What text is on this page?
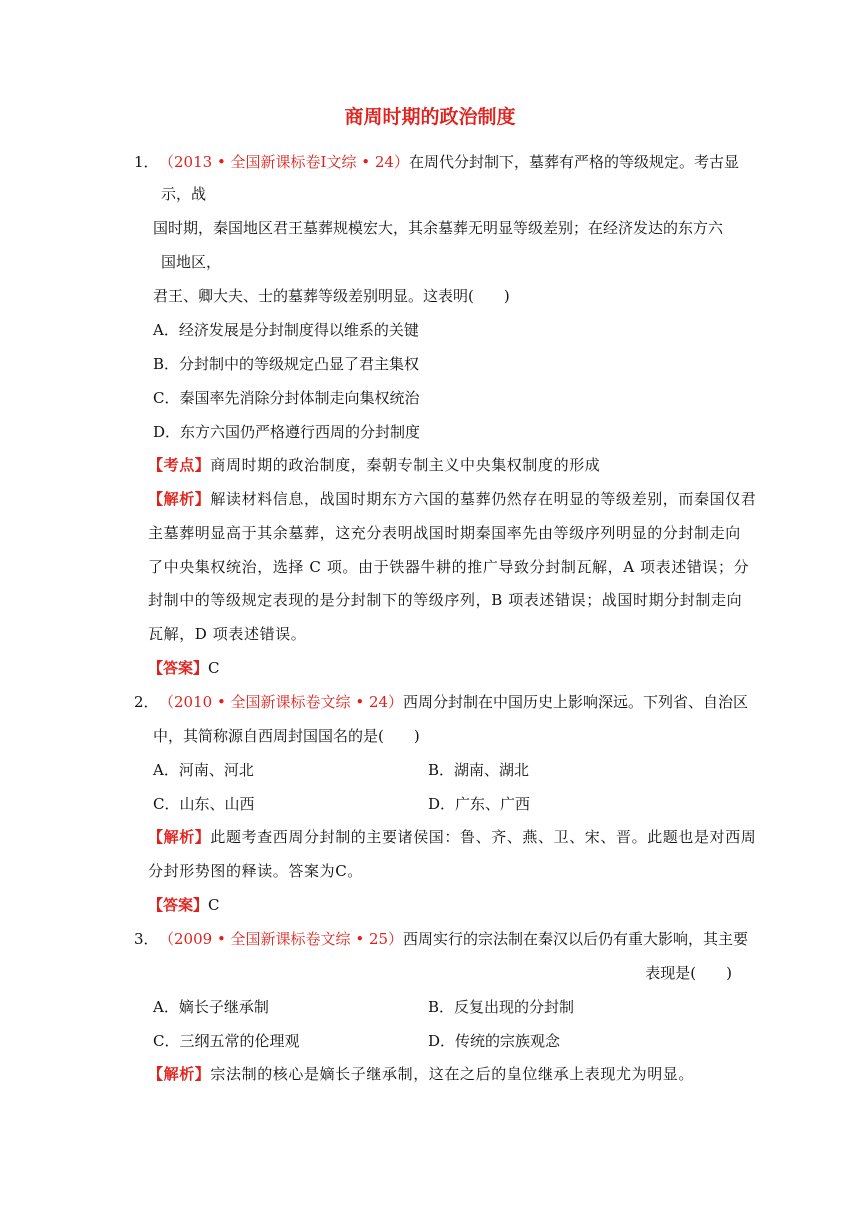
商周时期的政治制度
1．（2013 • 全国新课标卷Ⅰ文综 • 24）在周代分封制下，墓葬有严格的等级规定。考古显
示，战
国时期，秦国地区君王墓葬规模宏大，其余墓葬无明显等级差别；在经济发达的东方六
国地区，
君王、卿大夫、士的墓葬等级差别明显。这表明(　　)
A．经济发展是分封制度得以维系的关键
B．分封制中的等级规定凸显了君主集权
C．秦国率先消除分封体制走向集权统治
D．东方六国仍严格遵行西周的分封制度
【考点】商周时期的政治制度，秦朝专制主义中央集权制度的形成
【解析】解读材料信息，战国时期东方六国的墓葬仍然存在明显的等级差别，而秦国仅君
主墓葬明显高于其余墓葬，这充分表明战国时期秦国率先由等级序列明显的分封制走向
了中央集权统治，选择 C 项。由于铁器牛耕的推广导致分封制瓦解，A 项表述错误；分
封制中的等级规定表现的是分封制下的等级序列，B 项表述错误；战国时期分封制走向
瓦解，D 项表述错误。
【答案】C
2．（2010 • 全国新课标卷文综 • 24）西周分封制在中国历史上影响深远。下列省、自治区
中，其简称源自西周封国国名的是(　　)
A．河南、河北	B．湖南、湖北
C．山东、山西	D．广东、广西
【解析】此题考查西周分封制的主要诸侯国：鲁、齐、燕、卫、宋、晋。此题也是对西周
分封形势图的释读。答案为C。
【答案】C
3．（2009 • 全国新课标卷文综 • 25）西周实行的宗法制在秦汉以后仍有重大影响，其主要
表现是(　　)
A．嫡长子继承制	B．反复出现的分封制
C．三纲五常的伦理观	D．传统的宗族观念
【解析】宗法制的核心是嫡长子继承制，这在之后的皇位继承上表现尤为明显。
